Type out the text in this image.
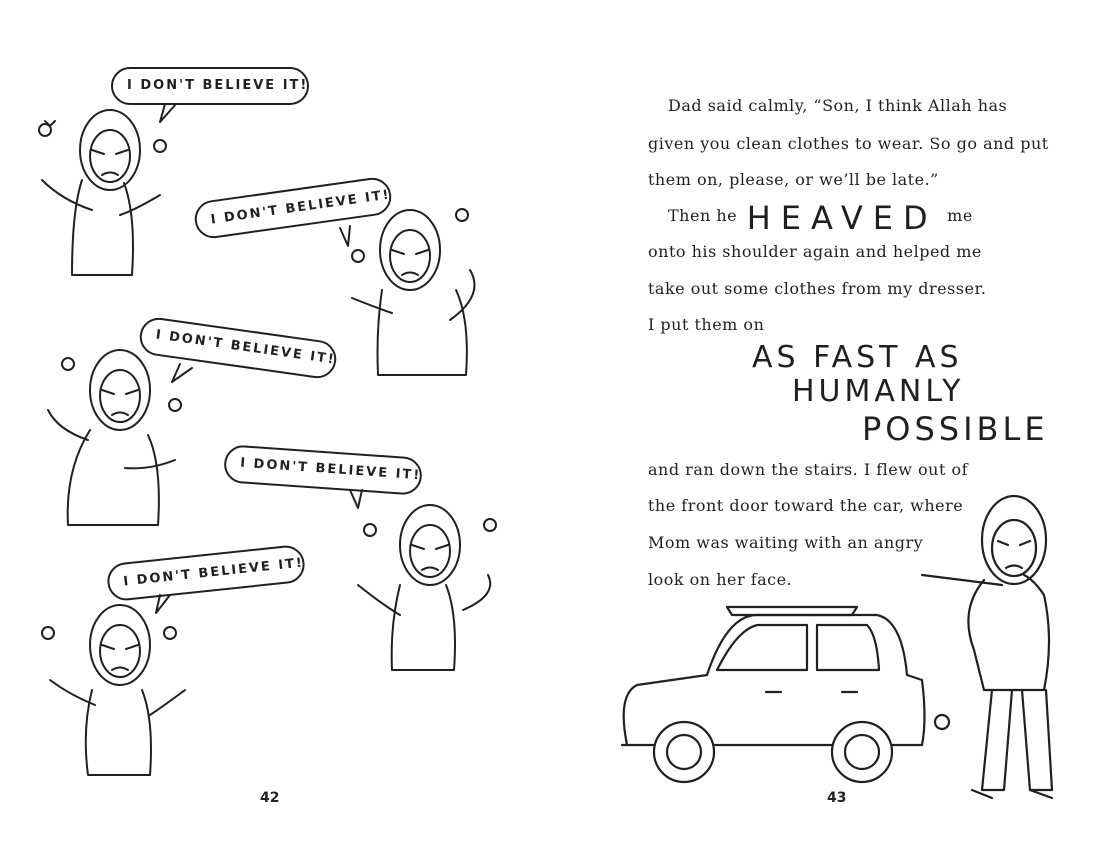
I DON'T BELIEVE IT!
I DON'T BELIEVE IT!
I DON'T BELIEVE IT!
I DON'T BELIEVE IT!
I DON'T BELIEVE IT!
42
Dad said calmly, “Son, I think Allah has
given you clean clothes to wear. So go and put
them on, please, or we’ll be late.”
Then he HEAVED me
onto his shoulder again and helped me
take out some clothes from my dresser.
I put them on
AS FAST AS
HUMANLY
POSSIBLE
and ran down the stairs. I flew out of
the front door toward the car, where
Mom was waiting with an angry
look on her face.
43
